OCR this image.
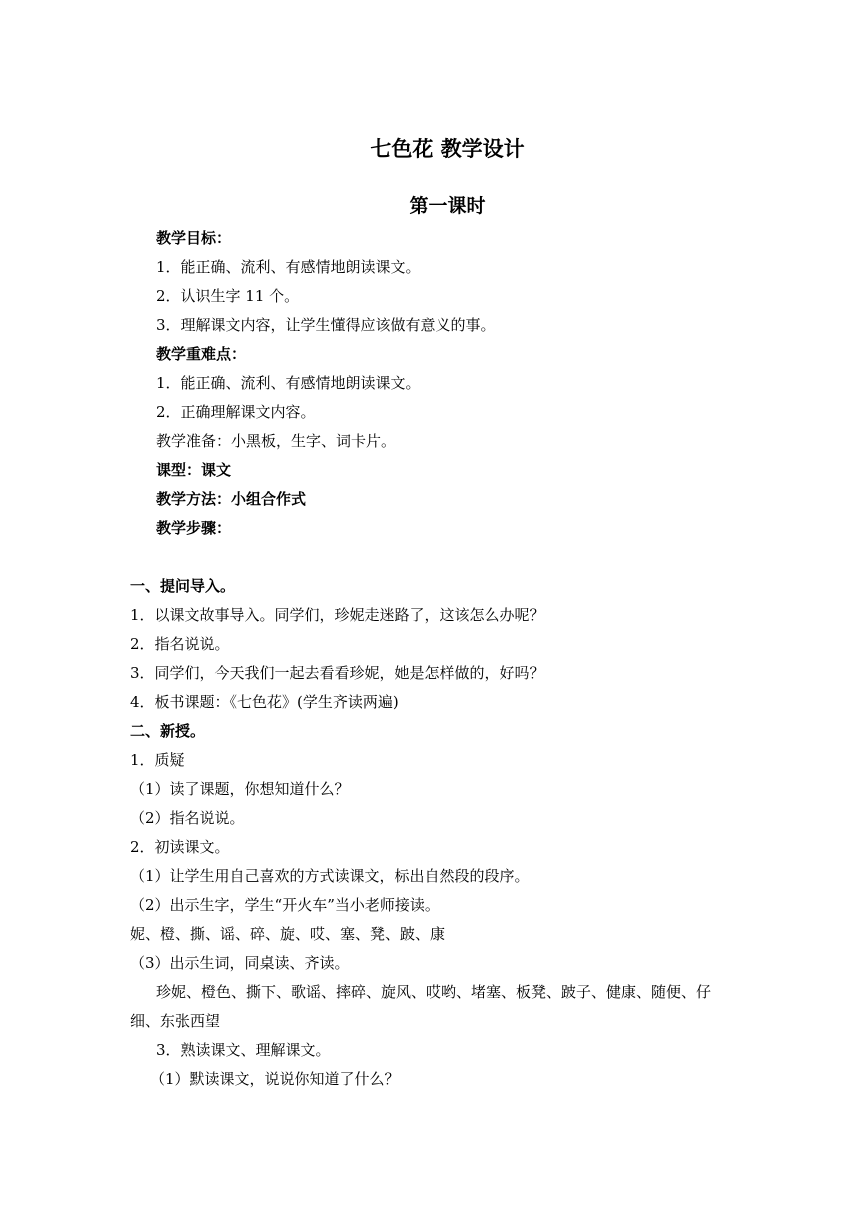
七色花 教学设计
第一课时
教学目标：
1．能正确、流利、有感情地朗读课文。
2．认识生字 11 个。
3．理解课文内容，让学生懂得应该做有意义的事。
教学重难点：
1．能正确、流利、有感情地朗读课文。
2．正确理解课文内容。
教学准备：小黑板，生字、词卡片。
课型：课文
教学方法：小组合作式
教学步骤：
一、提问导入。
1．以课文故事导入。同学们，珍妮走迷路了，这该怎么办呢？
2．指名说说。
3．同学们，今天我们一起去看看珍妮，她是怎样做的，好吗？
4．板书课题：《七色花》(学生齐读两遍)
二、新授。
1．质疑
（1）读了课题，你想知道什么？
（2）指名说说。
2．初读课文。
（1）让学生用自己喜欢的方式读课文，标出自然段的段序。
（2）出示生字，学生“开火车”当小老师接读。
妮、橙、撕、谣、碎、旋、哎、塞、凳、跛、康
（3）出示生词，同桌读、齐读。
珍妮、橙色、撕下、歌谣、摔碎、旋风、哎哟、堵塞、板凳、跛子、健康、随便、仔细、东张西望
3．熟读课文、理解课文。
（1）默读课文，说说你知道了什么？
